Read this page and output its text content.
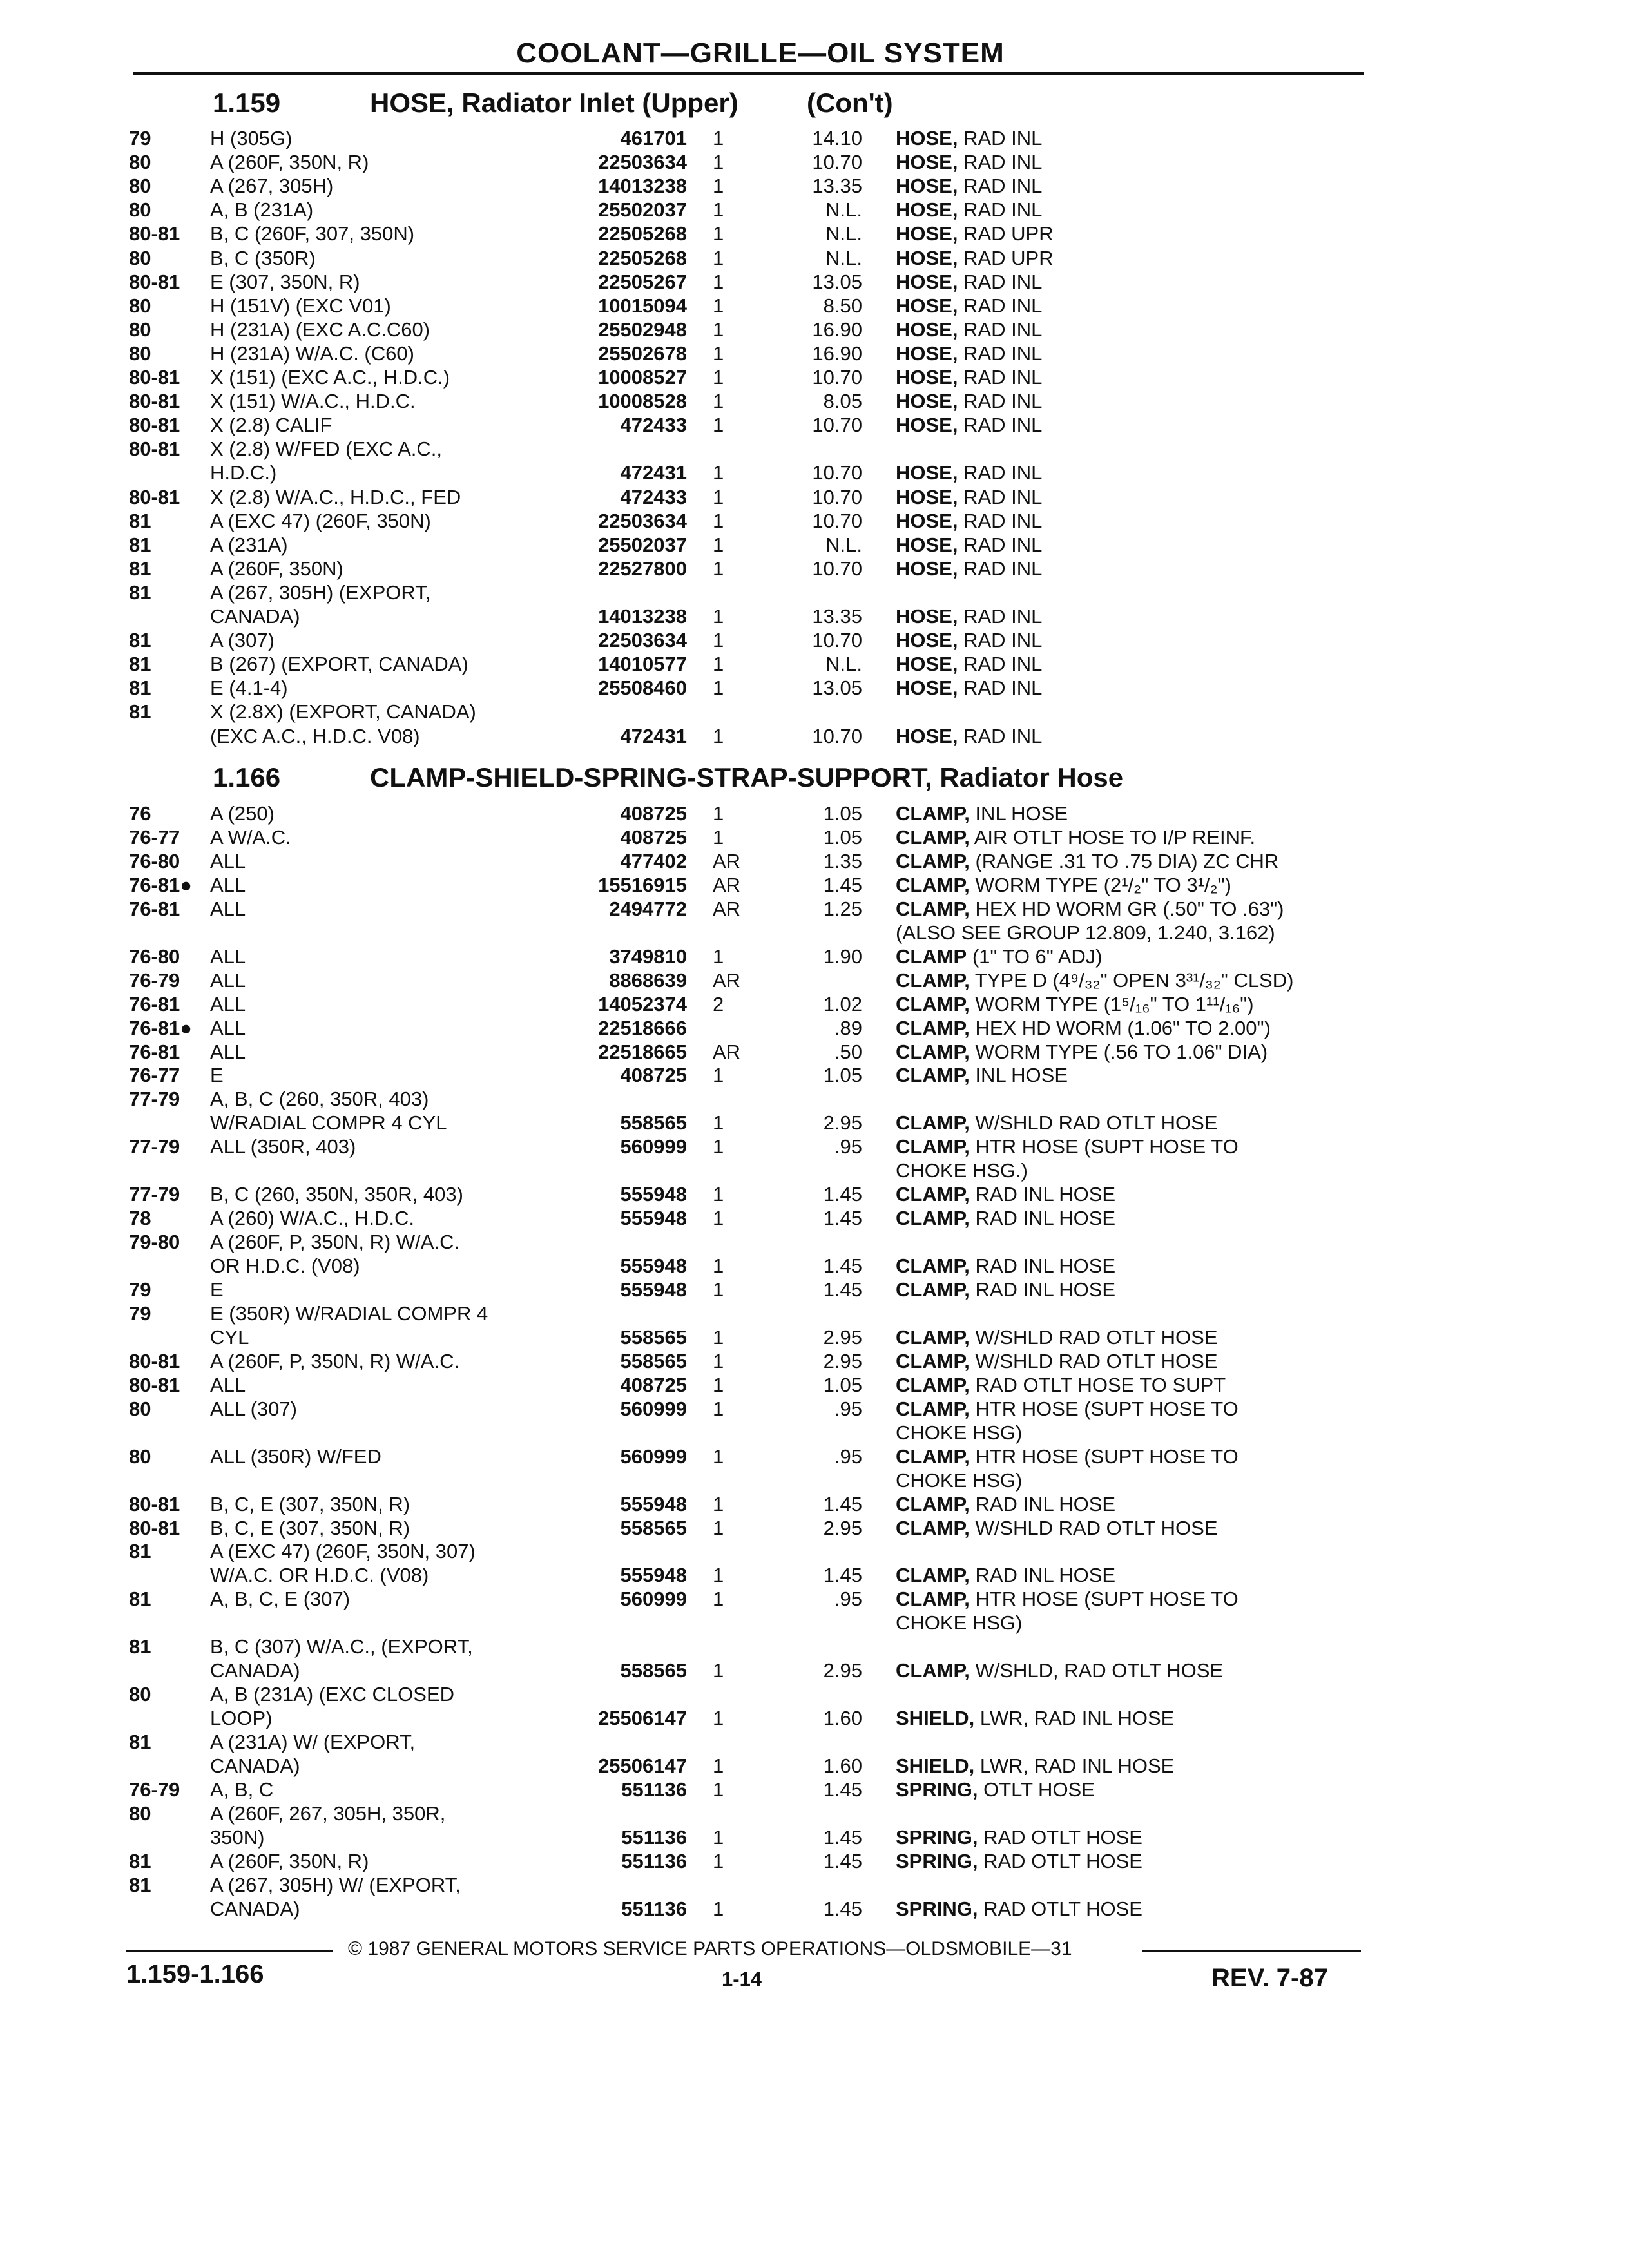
COOLANT—GRILLE—OIL SYSTEM
1.159	HOSE, Radiator Inlet (Upper)	(Con't)
79	H (305G)	461701 1	14.10 HOSE, RAD INL
80	A (260F, 350N, R)	22503634 1	10.70 HOSE, RAD INL
80	A (267, 305H)	14013238 1	13.35 HOSE, RAD INL
80	A, B (231A)	25502037 1	N.L. HOSE, RAD INL
80-81 B, C (260F, 307, 350N)	22505268 1	N.L. HOSE, RAD UPR
80	B, C (350R)	22505268 1	N.L. HOSE, RAD UPR
80-81 E (307, 350N, R)	22505267 1	13.05 HOSE, RAD INL
80	H (151V) (EXC V01)	10015094 1	8.50 HOSE, RAD INL
80	H (231A) (EXC A.C.C60)	25502948 1	16.90 HOSE, RAD INL
80	H (231A) W/A.C. (C60)	25502678 1	16.90 HOSE, RAD INL
80-81 X (151) (EXC A.C., H.D.C.)	10008527 1	10.70 HOSE, RAD INL
80-81 X (151) W/A.C., H.D.C.	10008528 1	8.05 HOSE, RAD INL
80-81 X (2.8) CALIF	472433 1	10.70 HOSE, RAD INL
80-81 X (2.8) W/FED (EXC A.C.,
H.D.C.)	472431 1	10.70 HOSE, RAD INL
80-81 X (2.8) W/A.C., H.D.C., FED	472433 1	10.70 HOSE, RAD INL
81	A (EXC 47) (260F, 350N)	22503634 1	10.70 HOSE, RAD INL
81	A (231A)	25502037 1	N.L. HOSE, RAD INL
81	A (260F, 350N)	22527800 1	10.70 HOSE, RAD INL
81	A (267, 305H) (EXPORT,
CANADA)	14013238 1	13.35 HOSE, RAD INL
81	A (307)	22503634 1	10.70 HOSE, RAD INL
81	B (267) (EXPORT, CANADA)	14010577 1	N.L. HOSE, RAD INL
81	E (4.1-4)	25508460 1	13.05 HOSE, RAD INL
81	X (2.8X) (EXPORT, CANADA)
(EXC A.C., H.D.C. V08)	472431 1	10.70 HOSE, RAD INL
1.166	CLAMP-SHIELD-SPRING-STRAP-SUPPORT, Radiator Hose
76	A (250)	408725 1	1.05 CLAMP, INL HOSE
76-77 A W/A.C.	408725 1	1.05 CLAMP, AIR OTLT HOSE TO I/P REINF.
76-80 ALL	477402 AR	1.35 CLAMP, (RANGE .31 TO .75 DIA) ZC CHR
76-81● ALL	15516915 AR	1.45 CLAMP, WORM TYPE (2¹/₂" TO 3¹/₂")
76-81 ALL	2494772 AR	1.25 CLAMP, HEX HD WORM GR (.50" TO .63")
(ALSO SEE GROUP 12.809, 1.240, 3.162)
76-80 ALL	3749810 1	1.90 CLAMP (1" TO 6" ADJ)
76-79 ALL	8868639 AR	CLAMP, TYPE D (4⁹/₃₂" OPEN 3³¹/₃₂" CLSD)
76-81 ALL	14052374 2	1.02 CLAMP, WORM TYPE (1⁵/₁₆" TO 1¹¹/₁₆")
76-81● ALL	22518666	.89 CLAMP, HEX HD WORM (1.06" TO 2.00")
76-81 ALL	22518665 AR	.50 CLAMP, WORM TYPE (.56 TO 1.06" DIA)
76-77 E	408725 1	1.05 CLAMP, INL HOSE
77-79 A, B, C (260, 350R, 403)
W/RADIAL COMPR 4 CYL	558565 1	2.95 CLAMP, W/SHLD RAD OTLT HOSE
77-79 ALL (350R, 403)	560999 1	.95 CLAMP, HTR HOSE (SUPT HOSE TO
CHOKE HSG.)
77-79 B, C (260, 350N, 350R, 403)	555948 1	1.45 CLAMP, RAD INL HOSE
78	A (260) W/A.C., H.D.C.	555948 1	1.45 CLAMP, RAD INL HOSE
79-80 A (260F, P, 350N, R) W/A.C.
OR H.D.C. (V08)	555948 1	1.45 CLAMP, RAD INL HOSE
79	E	555948 1	1.45 CLAMP, RAD INL HOSE
79	E (350R) W/RADIAL COMPR 4
CYL	558565 1	2.95 CLAMP, W/SHLD RAD OTLT HOSE
80-81 A (260F, P, 350N, R) W/A.C.	558565 1	2.95 CLAMP, W/SHLD RAD OTLT HOSE
80-81 ALL	408725 1	1.05 CLAMP, RAD OTLT HOSE TO SUPT
80	ALL (307)	560999 1	.95 CLAMP, HTR HOSE (SUPT HOSE TO
CHOKE HSG)
80	ALL (350R) W/FED	560999 1	.95 CLAMP, HTR HOSE (SUPT HOSE TO
CHOKE HSG)
80-81 B, C, E (307, 350N, R)	555948 1	1.45 CLAMP, RAD INL HOSE
80-81 B, C, E (307, 350N, R)	558565 1	2.95 CLAMP, W/SHLD RAD OTLT HOSE
81	A (EXC 47) (260F, 350N, 307)
W/A.C. OR H.D.C. (V08)	555948 1	1.45 CLAMP, RAD INL HOSE
81	A, B, C, E (307)	560999 1	.95 CLAMP, HTR HOSE (SUPT HOSE TO
CHOKE HSG)
81	B, C (307) W/A.C., (EXPORT,
CANADA)	558565 1	2.95 CLAMP, W/SHLD, RAD OTLT HOSE
80	A, B (231A) (EXC CLOSED
LOOP)	25506147 1	1.60 SHIELD, LWR, RAD INL HOSE
81	A (231A) W/ (EXPORT,
CANADA)	25506147 1	1.60 SHIELD, LWR, RAD INL HOSE
76-79 A, B, C	551136 1	1.45 SPRING, OTLT HOSE
80	A (260F, 267, 305H, 350R,
350N)	551136 1	1.45 SPRING, RAD OTLT HOSE
81	A (260F, 350N, R)	551136 1	1.45 SPRING, RAD OTLT HOSE
81	A (267, 305H) W/ (EXPORT,
CANADA)	551136 1	1.45 SPRING, RAD OTLT HOSE
© 1987 GENERAL MOTORS SERVICE PARTS OPERATIONS—OLDSMOBILE—31
1.159-1.166	1-14	REV. 7-87
